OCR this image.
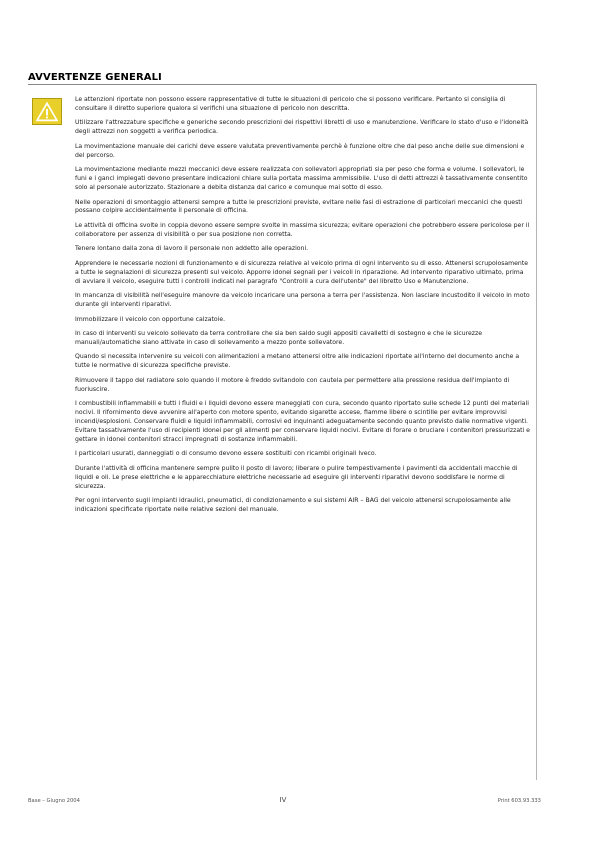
AVVERTENZE GENERALI

Le attenzioni riportate non possono essere rappresentative di tutte le situazioni di pericolo che si possono verificare. Pertanto si consiglia di consultare il diretto superiore qualora si verifichi una situazione di pericolo non descritta.

Utilizzare l'attrezzature specifiche e generiche secondo prescrizioni dei rispettivi libretti di uso e manutenzione. Verificare lo stato d'uso e l'idoneità degli attrezzi non soggetti a verifica periodica.

La movimentazione manuale dei carichi deve essere valutata preventivamente perchè è funzione oltre che dal peso anche delle sue dimensioni e del percorso.

La movimentazione mediante mezzi meccanici deve essere realizzata con sollevatori appropriati sia per peso che forma e volume. I sollevatori, le funi e i ganci impiegati devono presentare indicazioni chiare sulla portata massima ammissibile. L'uso di detti attrezzi è tassativamente consentito solo al personale autorizzato. Stazionare a debita distanza dal carico e comunque mai sotto di esso.

Nelle operazioni di smontaggio attenersi sempre a tutte le prescrizioni previste, evitare nelle fasi di estrazione di particolari meccanici che questi possano colpire accidentalmente il personale di officina.

Le attività di officina svolte in coppia devono essere sempre svolte in massima sicurezza; evitare operazioni che potrebbero essere pericolose per il collaboratore per assenza di visibilità o per sua posizione non corretta.

Tenere lontano dalla zona di lavoro il personale non addetto alle operazioni.

Apprendere le necessarie nozioni di funzionamento e di sicurezza relative al veicolo prima di ogni intervento su di esso. Attenersi scrupolosamente a tutte le segnalazioni di sicurezza presenti sul veicolo. Apporre idonei segnali per i veicoli in riparazione. Ad intervento riparativo ultimato, prima di avviare il veicolo, eseguire tutti i controlli indicati nel paragrafo "Controlli a cura dell'utente" del libretto Uso e Manutenzione.

In mancanza di visibilità nell'eseguire manovre da veicolo incaricare una persona a terra per l'assistenza. Non lasciare incustodito il veicolo in moto durante gli interventi riparativi.

Immobilizzare il veicolo con opportune calzatoie.

In caso di interventi su veicolo sollevato da terra controllare che sia ben saldo sugli appositi cavalletti di sostegno e che le sicurezze manuali/automatiche siano attivate in caso di sollevamento a mezzo ponte sollevatore.

Quando si necessita intervenire su veicoli con alimentazioni a metano attenersi oltre alle indicazioni riportate all'interno del documento anche a tutte le normative di sicurezza specifiche previste.

Rimuovere il tappo del radiatore solo quando il motore è freddo svitandolo con cautela per permettere alla pressione residua dell'impianto di fuoriuscire.

I combustibili infiammabili e tutti i fluidi e i liquidi devono essere maneggiati con cura, secondo quanto riportato sulle schede 12 punti dei materiali nocivi. Il rifornimento deve avvenire all'aperto con motore spento, evitando sigarette accese, fiamme libere o scintille per evitare improvvisi incendi/esplosioni. Conservare fluidi e liquidi infiammabili, corrosivi ed inquinanti adeguatamente secondo quanto previsto dalle normative vigenti. Evitare tassativamente l'uso di recipienti idonei per gli alimenti per conservare liquidi nocivi. Evitare di forare o bruciare i contenitori pressurizzati e gettare in idonei contenitori stracci impregnati di sostanze infiammabili.

I particolari usurati, danneggiati o di consumo devono essere sostituiti con ricambi originali Iveco.

Durante l'attività di officina mantenere sempre pulito il posto di lavoro; liberare o pulire tempestivamente i pavimenti da accidentali macchie di liquidi e oli. Le prese elettriche e le apparecchiature elettriche necessarie ad eseguire gli interventi riparativi devono soddisfare le norme di sicurezza.

Per ogni intervento sugli impianti idraulici, pneumatici, di condizionamento e sui sistemi AIR – BAG del veicolo attenersi scrupolosamente alle indicazioni specificate riportate nelle relative sezioni del manuale.

Base – Giugno 2004	IV	Print 603.93.333
